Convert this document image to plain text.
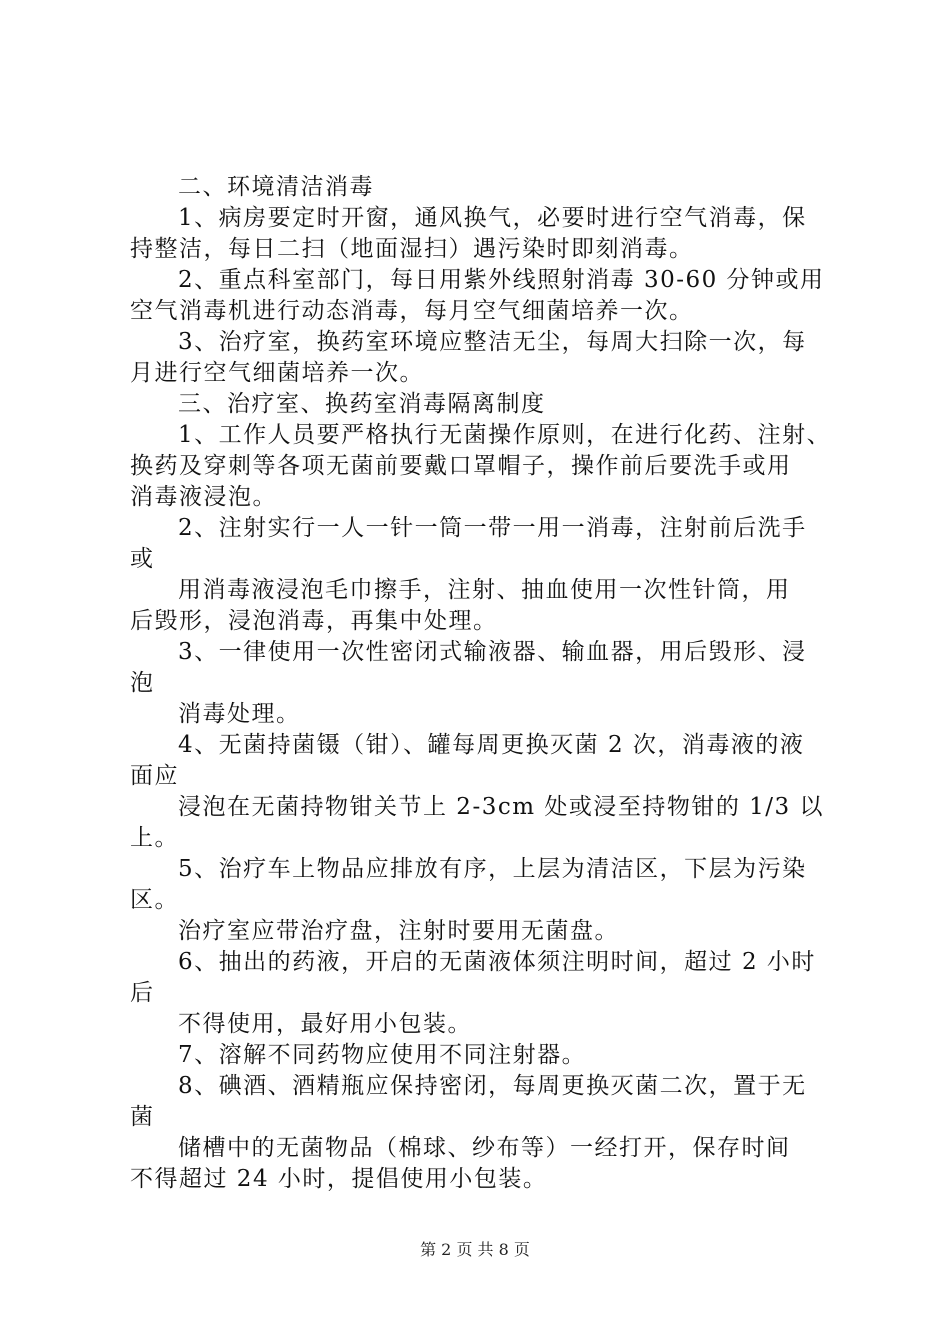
二、环境清洁消毒
1、病房要定时开窗，通风换气，必要时进行空气消毒，保
持整洁，每日二扫（地面湿扫）遇污染时即刻消毒。
2、重点科室部门，每日用紫外线照射消毒 30-60 分钟或用
空气消毒机进行动态消毒，每月空气细菌培养一次。
3、治疗室，换药室环境应整洁无尘，每周大扫除一次，每
月进行空气细菌培养一次。
三、治疗室、换药室消毒隔离制度
1、工作人员要严格执行无菌操作原则，在进行化药、注射、
换药及穿刺等各项无菌前要戴口罩帽子，操作前后要洗手或用
消毒液浸泡。
2、注射实行一人一针一筒一带一用一消毒，注射前后洗手
或
用消毒液浸泡毛巾擦手，注射、抽血使用一次性针筒，用
后毁形，浸泡消毒，再集中处理。
3、一律使用一次性密闭式输液器、输血器，用后毁形、浸
泡
消毒处理。
4、无菌持菌镊（钳）、罐每周更换灭菌 2 次，消毒液的液
面应
浸泡在无菌持物钳关节上 2-3cm 处或浸至持物钳的 1/3 以
上。
5、治疗车上物品应排放有序，上层为清洁区，下层为污染
区。
治疗室应带治疗盘，注射时要用无菌盘。
6、抽出的药液，开启的无菌液体须注明时间，超过 2 小时
后
不得使用，最好用小包装。
7、溶解不同药物应使用不同注射器。
8、碘酒、酒精瓶应保持密闭，每周更换灭菌二次，置于无
菌
储槽中的无菌物品（棉球、纱布等）一经打开，保存时间
不得超过 24 小时，提倡使用小包装。
第 2 页 共 8 页
